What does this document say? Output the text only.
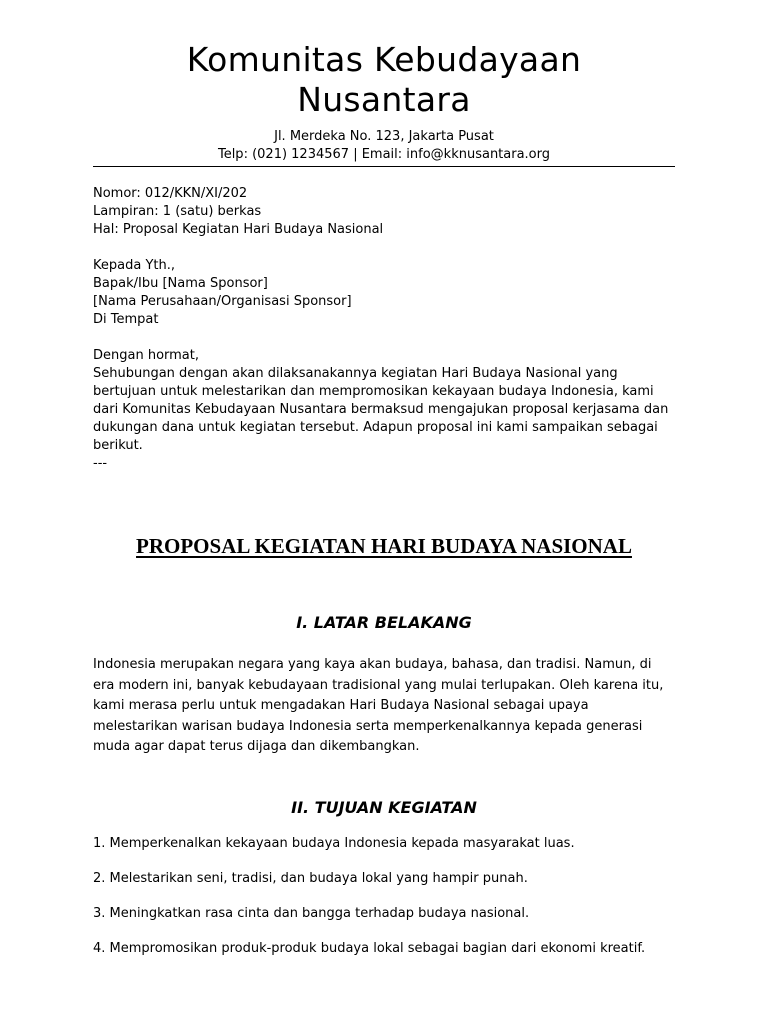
Komunitas Kebudayaan
Nusantara
Jl. Merdeka No. 123, Jakarta Pusat
Telp: (021) 1234567 | Email: info@kknusantara.org
Nomor: 012/KKN/XI/202
Lampiran: 1 (satu) berkas
Hal: Proposal Kegiatan Hari Budaya Nasional
Kepada Yth.,
Bapak/Ibu [Nama Sponsor]
[Nama Perusahaan/Organisasi Sponsor]
Di Tempat
Dengan hormat,

Sehubungan dengan akan dilaksanakannya kegiatan Hari Budaya Nasional yang bertujuan untuk melestarikan dan mempromosikan kekayaan budaya Indonesia, kami dari Komunitas Kebudayaan Nusantara bermaksud mengajukan proposal kerjasama dan dukungan dana untuk kegiatan tersebut. Adapun proposal ini kami sampaikan sebagai berikut.

---
PROPOSAL KEGIATAN HARI BUDAYA NASIONAL
I. LATAR BELAKANG

Indonesia merupakan negara yang kaya akan budaya, bahasa, dan tradisi. Namun, di era modern ini, banyak kebudayaan tradisional yang mulai terlupakan. Oleh karena itu, kami merasa perlu untuk mengadakan Hari Budaya Nasional sebagai upaya melestarikan warisan budaya Indonesia serta memperkenalkannya kepada generasi muda agar dapat terus dijaga dan dikembangkan.

II. TUJUAN KEGIATAN
1. Memperkenalkan kekayaan budaya Indonesia kepada masyarakat luas.
2. Melestarikan seni, tradisi, dan budaya lokal yang hampir punah.
3. Meningkatkan rasa cinta dan bangga terhadap budaya nasional.
4. Mempromosikan produk-produk budaya lokal sebagai bagian dari ekonomi kreatif.
